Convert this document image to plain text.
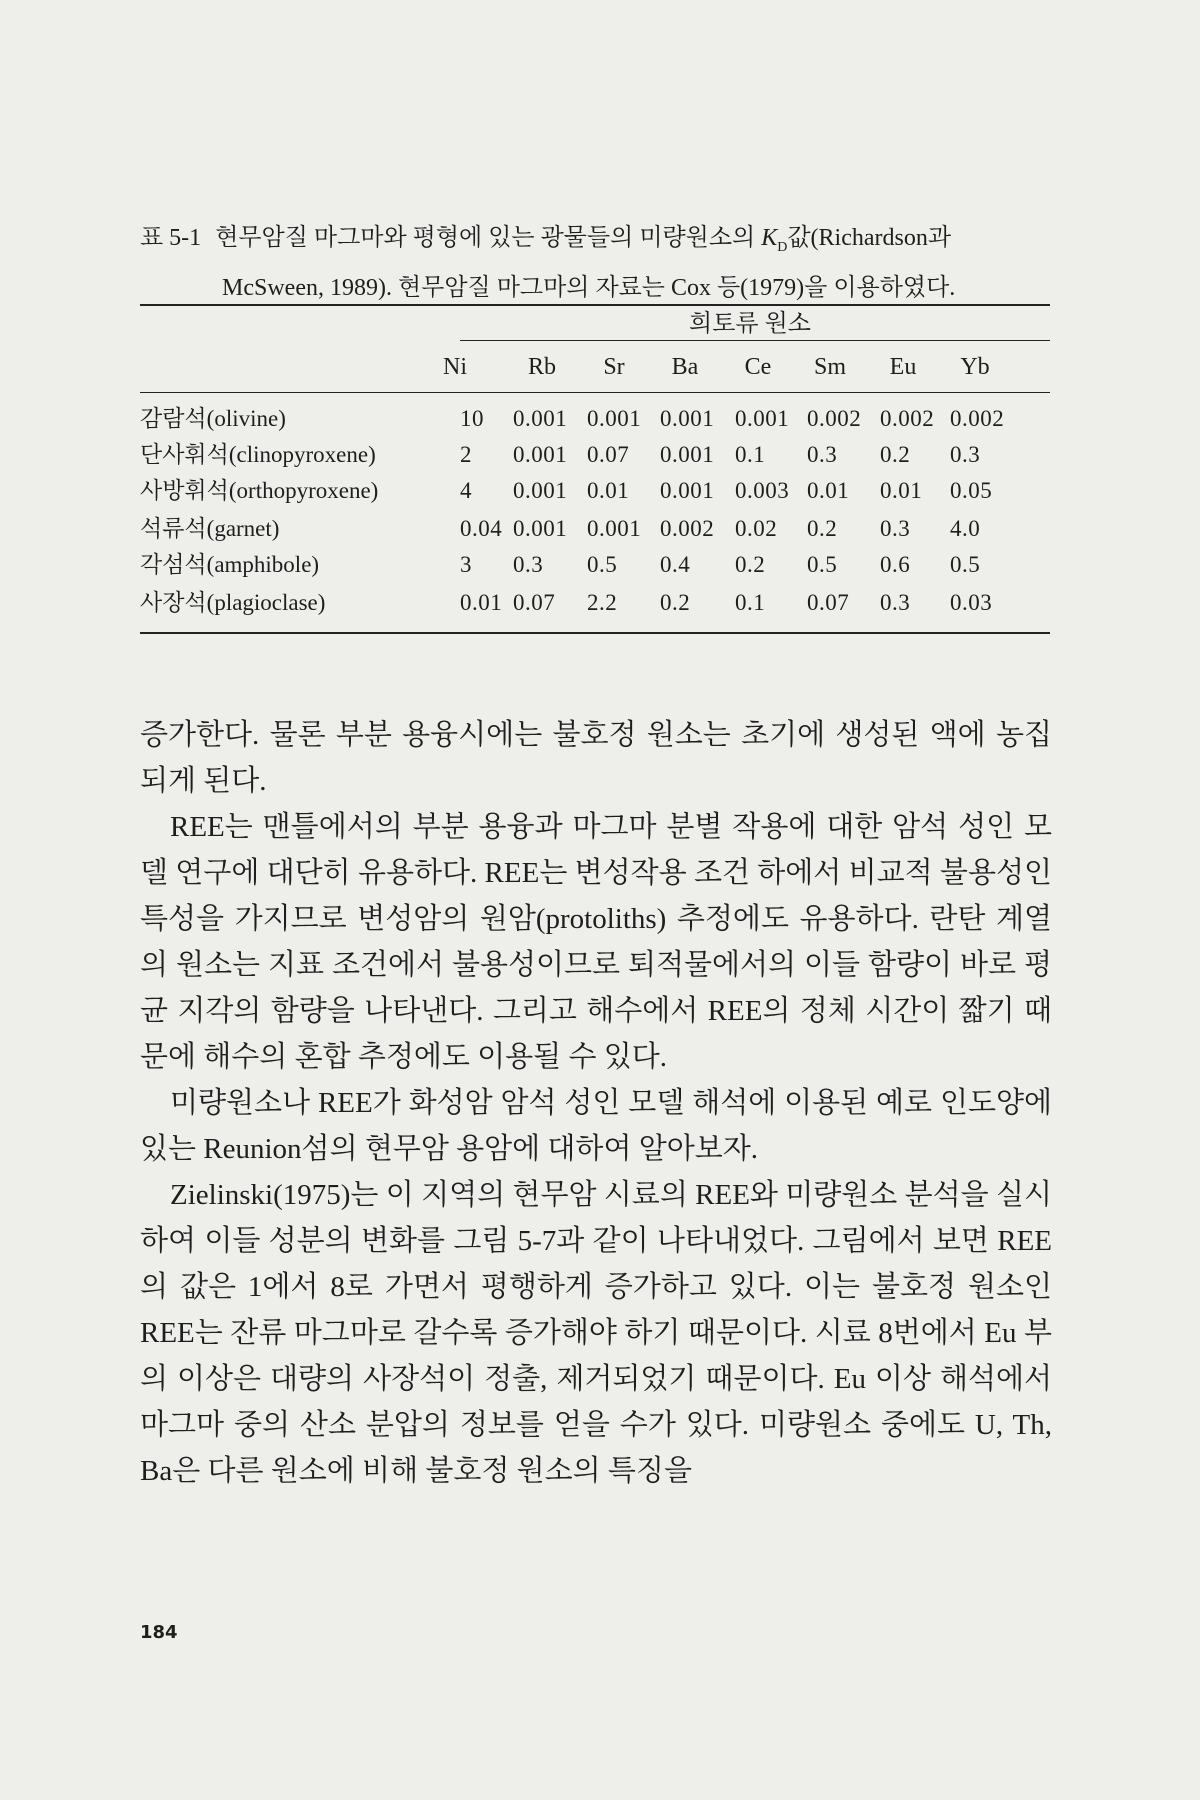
표 5-1 현무암질 마그마와 평형에 있는 광물들의 미량원소의 $K_D$값(Richardson과
McSween, 1989). 현무암질 마그마의 자료는 Cox 등(1979)을 이용하였다.
희토류 원소
Ni	Rb	Sr	Ba	Ce	Sm	Eu	Yb
감람석(olivine)	10 0.001 0.001 0.001 0.001 0.002 0.002 0.002
단사휘석(clinopyroxene)	2 0.001 0.07 0.001 0.1 0.3 0.2 0.3
사방휘석(orthopyroxene)	4 0.001 0.01 0.001 0.003 0.01 0.01 0.05
석류석(garnet)	0.04 0.001 0.001 0.002 0.02 0.2 0.3 4.0
각섬석(amphibole)	3 0.3 0.5 0.4 0.2 0.5 0.6 0.5
사장석(plagioclase)	0.01 0.07 2.2 0.2 0.1 0.07 0.3 0.03

증가한다. 물론 부분 용융시에는 불호정 원소는 초기에 생성된 액에 농집되게 된다.

REE는 맨틀에서의 부분 용융과 마그마 분별 작용에 대한 암석 성인 모델 연구에 대단히 유용하다. REE는 변성작용 조건 하에서 비교적 불용성인 특성을 가지므로 변성암의 원암(protoliths) 추정에도 유용하다. 란탄 계열의 원소는 지표 조건에서 불용성이므로 퇴적물에서의 이들 함량이 바로 평균 지각의 함량을 나타낸다. 그리고 해수에서 REE의 정체 시간이 짧기 때문에 해수의 혼합 추정에도 이용될 수 있다.

미량원소나 REE가 화성암 암석 성인 모델 해석에 이용된 예로 인도양에 있는 Reunion섬의 현무암 용암에 대하여 알아보자.

Zielinski(1975)는 이 지역의 현무암 시료의 REE와 미량원소 분석을 실시하여 이들 성분의 변화를 그림 5-7과 같이 나타내었다. 그림에서 보면 REE의 값은 1에서 8로 가면서 평행하게 증가하고 있다. 이는 불호정 원소인 REE는 잔류 마그마로 갈수록 증가해야 하기 때문이다. 시료 8번에서 Eu 부의 이상은 대량의 사장석이 정출, 제거되었기 때문이다. Eu 이상 해석에서 마그마 중의 산소 분압의 정보를 얻을 수가 있다. 미량원소 중에도 U, Th, Ba은 다른 원소에 비해 불호정 원소의 특징을

184
